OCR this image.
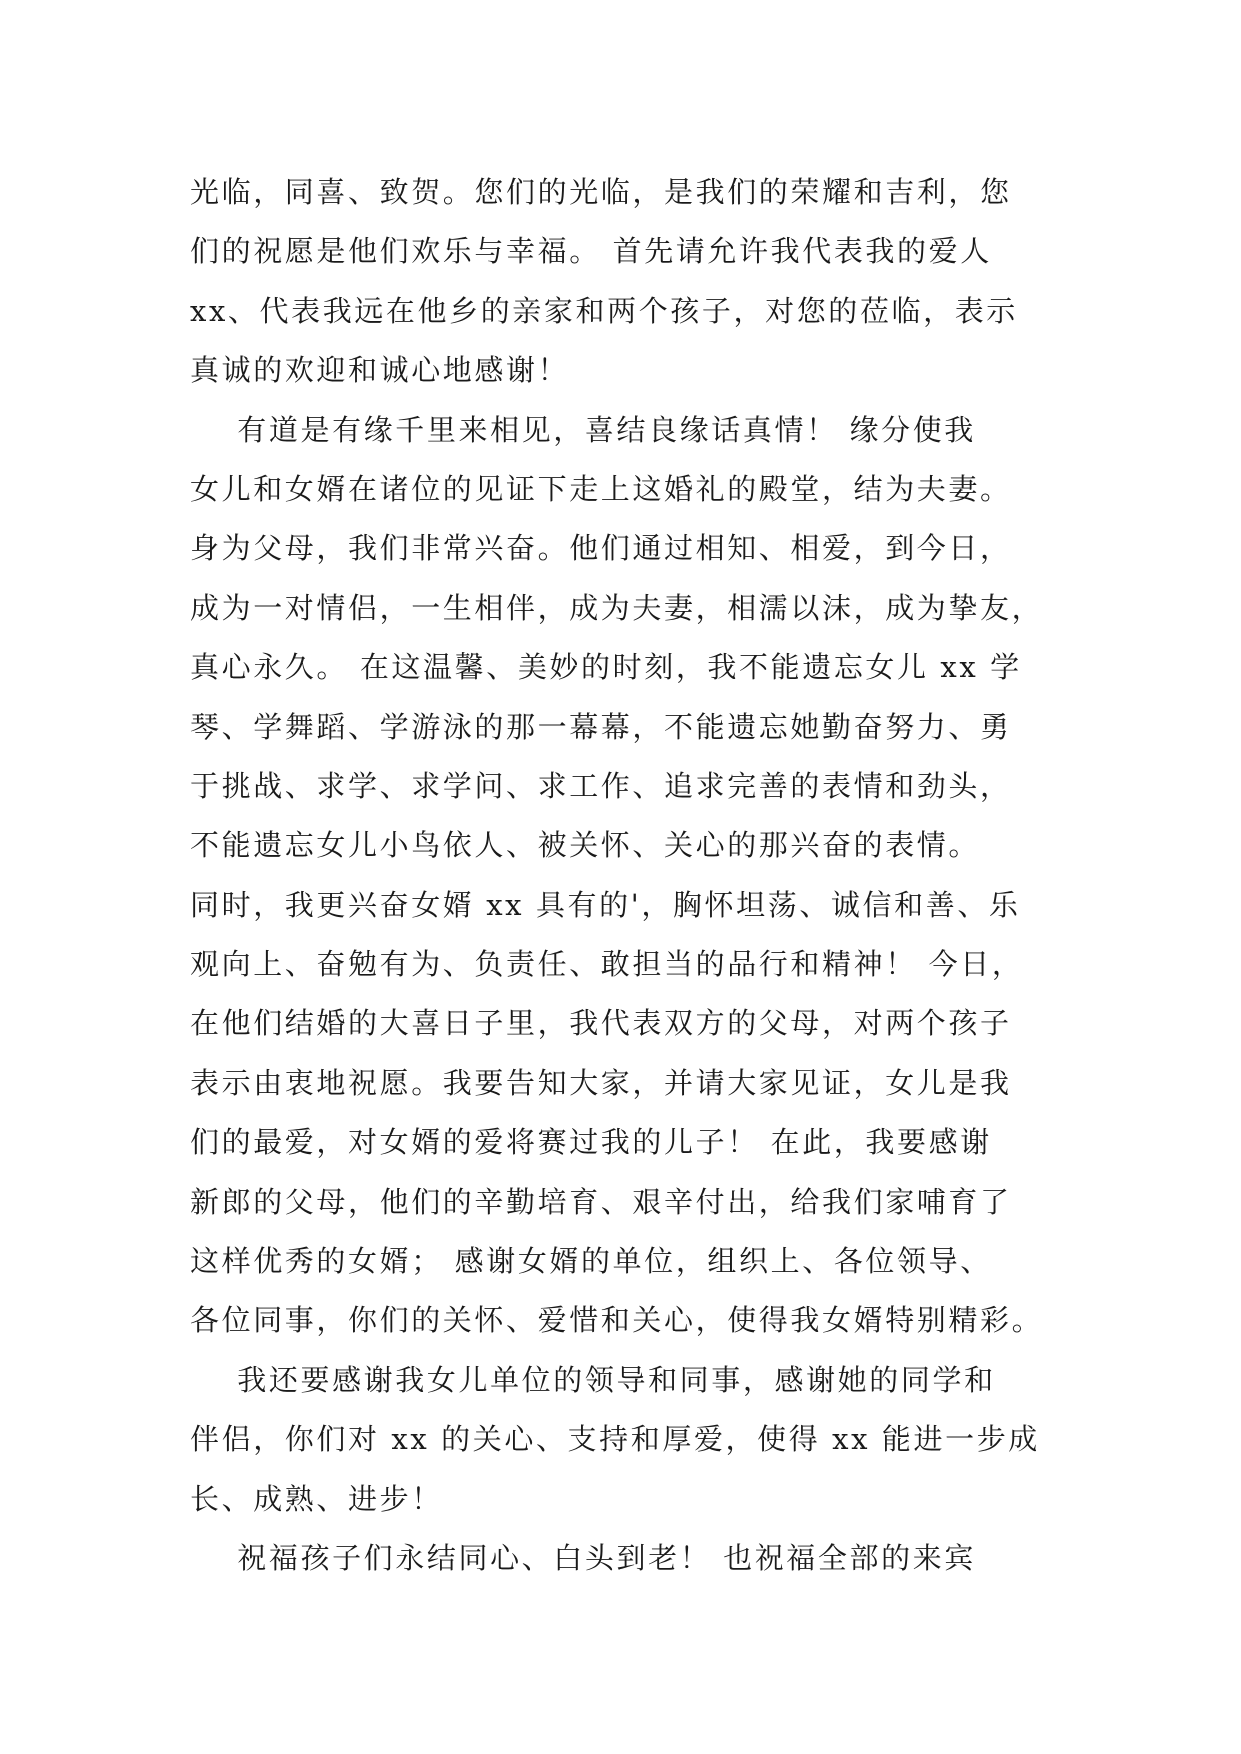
光临，同喜、致贺。您们的光临，是我们的荣耀和吉利，您

们的祝愿是他们欢乐与幸福。 首先请允许我代表我的爱人

xx、代表我远在他乡的亲家和两个孩子，对您的莅临，表示

真诚的欢迎和诚心地感谢！

有道是有缘千里来相见，喜结良缘话真情！ 缘分使我

女儿和女婿在诸位的见证下走上这婚礼的殿堂，结为夫妻。

身为父母，我们非常兴奋。他们通过相知、相爱，到今日，

成为一对情侣，一生相伴，成为夫妻，相濡以沫，成为挚友，

真心永久。 在这温馨、美妙的时刻，我不能遗忘女儿 xx 学

琴、学舞蹈、学游泳的那一幕幕，不能遗忘她勤奋努力、勇

于挑战、求学、求学问、求工作、追求完善的表情和劲头，

不能遗忘女儿小鸟依人、被关怀、关心的那兴奋的表情。

同时，我更兴奋女婿 xx 具有的'，胸怀坦荡、诚信和善、乐

观向上、奋勉有为、负责任、敢担当的品行和精神！ 今日，

在他们结婚的大喜日子里，我代表双方的父母，对两个孩子

表示由衷地祝愿。我要告知大家，并请大家见证，女儿是我

们的最爱，对女婿的爱将赛过我的儿子！ 在此，我要感谢

新郎的父母，他们的辛勤培育、艰辛付出，给我们家哺育了

这样优秀的女婿； 感谢女婿的单位，组织上、各位领导、

各位同事，你们的关怀、爱惜和关心，使得我女婿特别精彩。

我还要感谢我女儿单位的领导和同事，感谢她的同学和

伴侣，你们对 xx 的关心、支持和厚爱，使得 xx 能进一步成

长、成熟、进步！

祝福孩子们永结同心、白头到老！ 也祝福全部的来宾
